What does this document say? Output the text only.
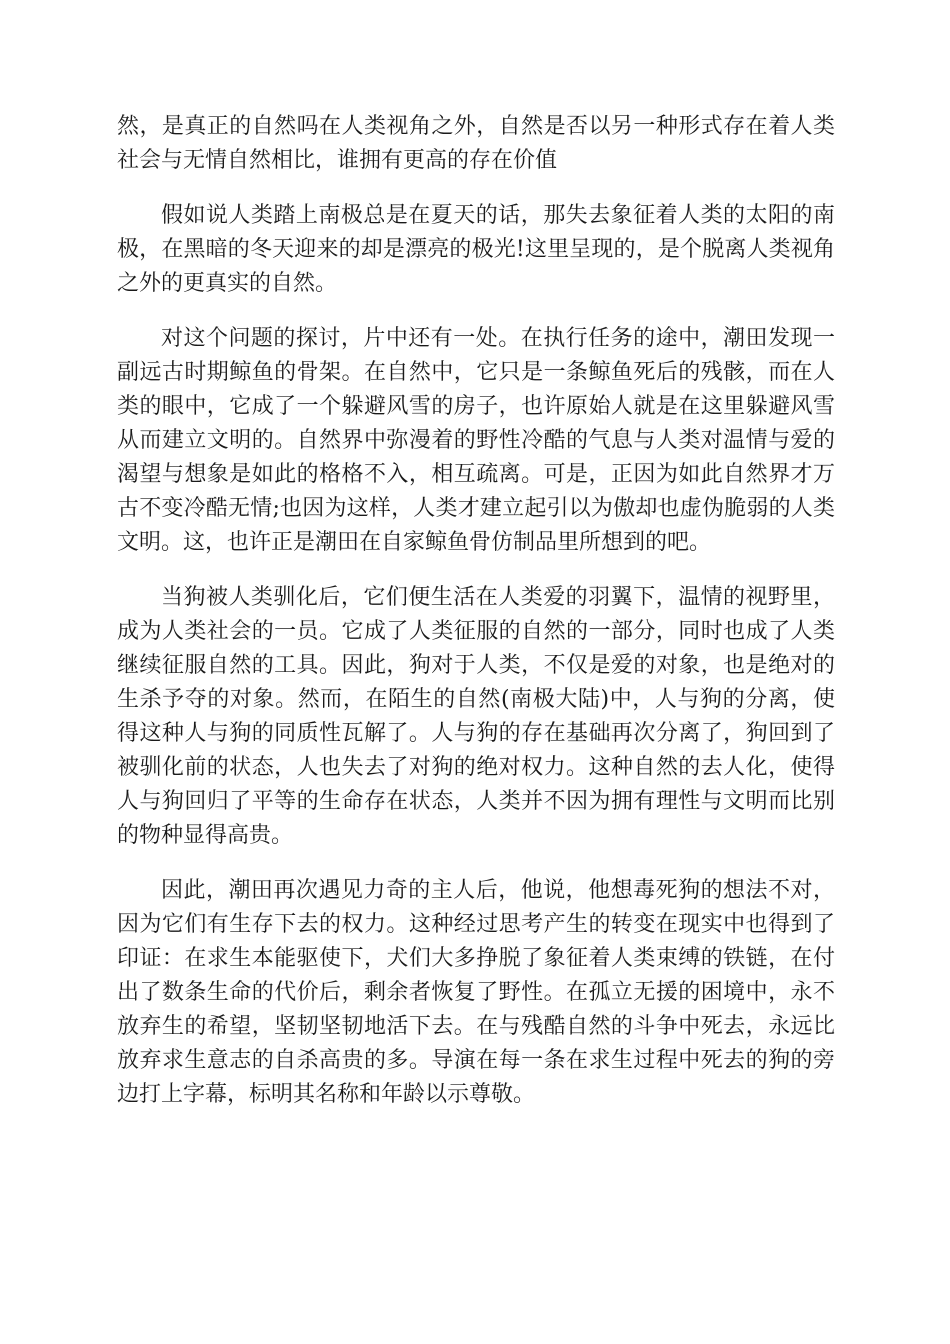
然，是真正的自然吗在人类视角之外，自然是否以另一种形式存在着人类社会与无情自然相比，谁拥有更高的存在价值

假如说人类踏上南极总是在夏天的话，那失去象征着人类的太阳的南极，在黑暗的冬天迎来的却是漂亮的极光!这里呈现的，是个脱离人类视角之外的更真实的自然。

对这个问题的探讨，片中还有一处。在执行任务的途中，潮田发现一副远古时期鲸鱼的骨架。在自然中，它只是一条鲸鱼死后的残骸，而在人类的眼中，它成了一个躲避风雪的房子，也许原始人就是在这里躲避风雪从而建立文明的。自然界中弥漫着的野性冷酷的气息与人类对温情与爱的渴望与想象是如此的格格不入，相互疏离。可是，正因为如此自然界才万古不变冷酷无情;也因为这样，人类才建立起引以为傲却也虚伪脆弱的人类文明。这，也许正是潮田在自家鲸鱼骨仿制品里所想到的吧。

当狗被人类驯化后，它们便生活在人类爱的羽翼下，温情的视野里，成为人类社会的一员。它成了人类征服的自然的一部分，同时也成了人类继续征服自然的工具。因此，狗对于人类，不仅是爱的对象，也是绝对的生杀予夺的对象。然而，在陌生的自然(南极大陆)中，人与狗的分离，使得这种人与狗的同质性瓦解了。人与狗的存在基础再次分离了，狗回到了被驯化前的状态，人也失去了对狗的绝对权力。这种自然的去人化，使得人与狗回归了平等的生命存在状态，人类并不因为拥有理性与文明而比别的物种显得高贵。

因此，潮田再次遇见力奇的主人后，他说，他想毒死狗的想法不对，因为它们有生存下去的权力。这种经过思考产生的转变在现实中也得到了印证：在求生本能驱使下，犬们大多挣脱了象征着人类束缚的铁链，在付出了数条生命的代价后，剩余者恢复了野性。在孤立无援的困境中，永不放弃生的希望，坚韧坚韧地活下去。在与残酷自然的斗争中死去，永远比放弃求生意志的自杀高贵的多。导演在每一条在求生过程中死去的狗的旁边打上字幕，标明其名称和年龄以示尊敬。
